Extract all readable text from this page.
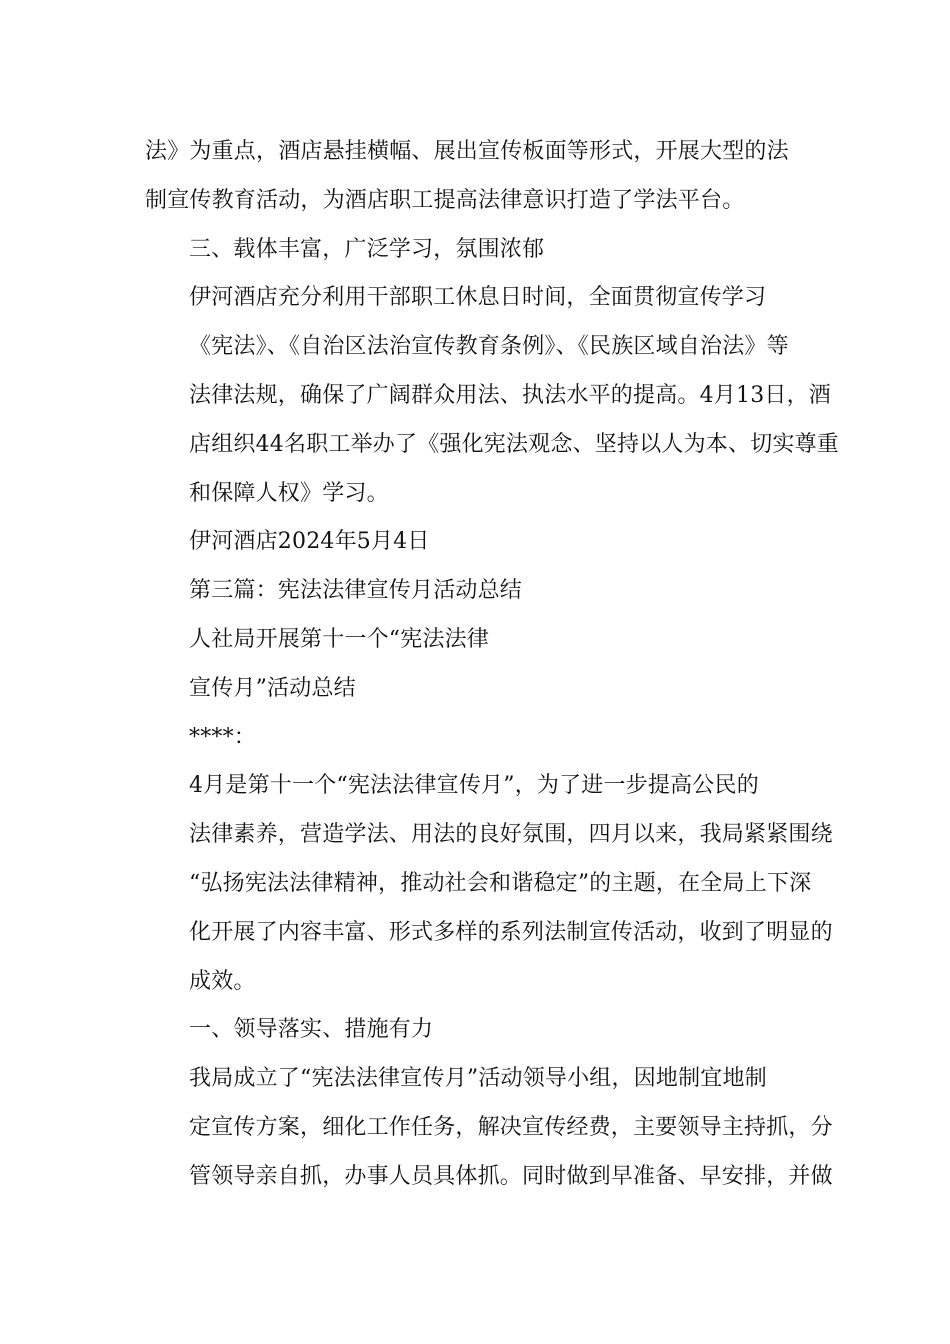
法》为重点，酒店悬挂横幅、展出宣传板面等形式，开展大型的法
制宣传教育活动，为酒店职工提高法律意识打造了学法平台。
三、载体丰富，广泛学习，氛围浓郁
伊河酒店充分利用干部职工休息日时间，全面贯彻宣传学习
《宪法》、《自治区法治宣传教育条例》、《民族区域自治法》等
法律法规，确保了广阔群众用法、执法水平的提高。4月13日，酒
店组织44名职工举办了《强化宪法观念、坚持以人为本、切实尊重
和保障人权》学习。
伊河酒店2024年5月4日
第三篇：宪法法律宣传月活动总结
人社局开展第十一个“宪法法律
宣传月”活动总结
****：
4月是第十一个“宪法法律宣传月”，为了进一步提高公民的
法律素养，营造学法、用法的良好氛围，四月以来，我局紧紧围绕
“弘扬宪法法律精神，推动社会和谐稳定”的主题，在全局上下深
化开展了内容丰富、形式多样的系列法制宣传活动，收到了明显的
成效。
一、领导落实、措施有力
我局成立了“宪法法律宣传月”活动领导小组，因地制宜地制
定宣传方案，细化工作任务，解决宣传经费，主要领导主持抓，分
管领导亲自抓，办事人员具体抓。同时做到早准备、早安排，并做
